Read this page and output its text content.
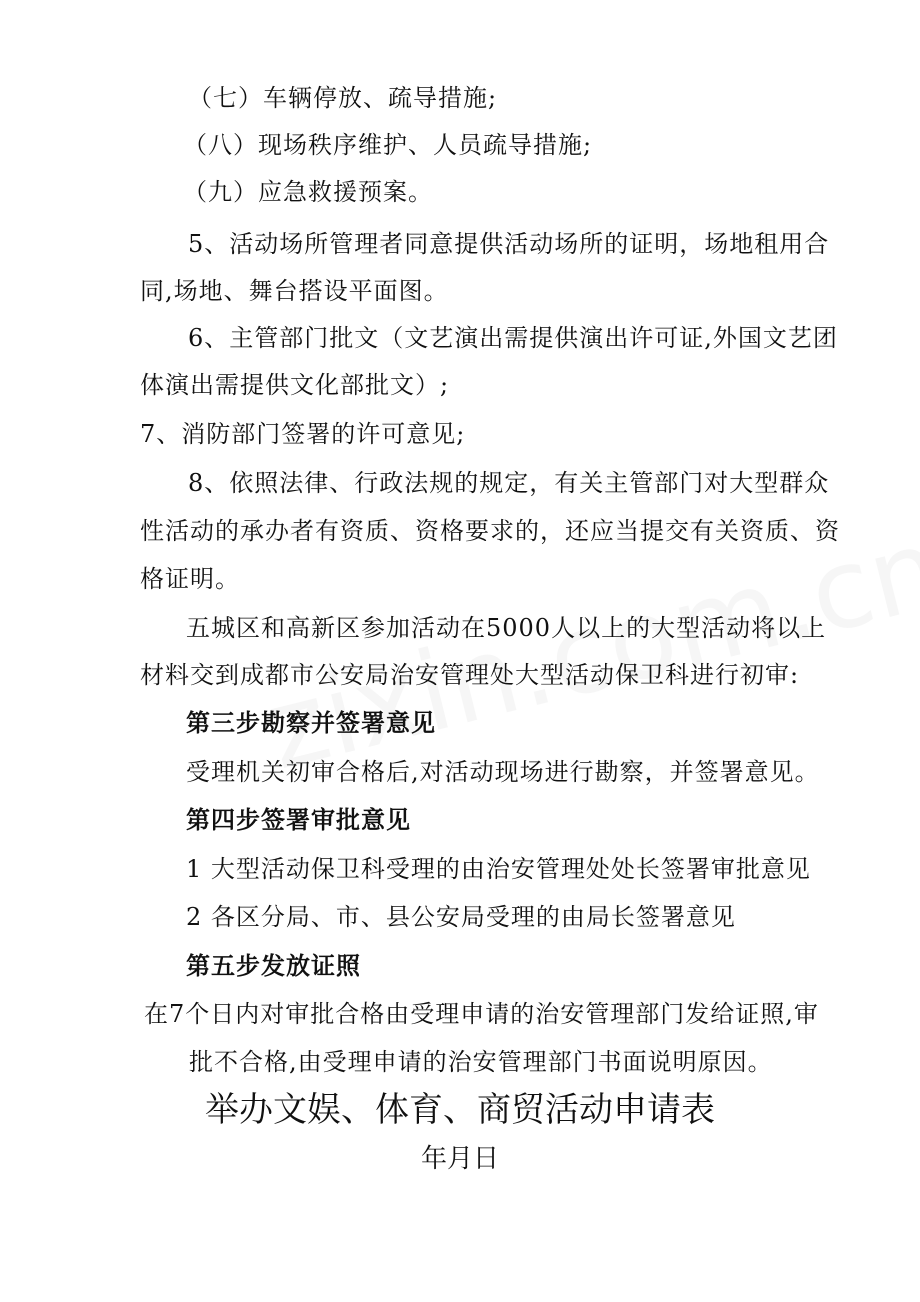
（七）车辆停放、疏导措施;
（八）现场秩序维护、人员疏导措施;
（九）应急救援预案。
5、活动场所管理者同意提供活动场所的证明，场地租用合
同,场地、舞台搭设平面图。
6、主管部门批文（文艺演出需提供演出许可证,外国文艺团
体演出需提供文化部批文）;
7、消防部门签署的许可意见;
8、依照法律、行政法规的规定，有关主管部门对大型群众
性活动的承办者有资质、资格要求的，还应当提交有关资质、资
格证明。
五城区和高新区参加活动在5000人以上的大型活动将以上
材料交到成都市公安局治安管理处大型活动保卫科进行初审:
第三步勘察并签署意见
受理机关初审合格后,对活动现场进行勘察，并签署意见。
第四步签署审批意见
1 大型活动保卫科受理的由治安管理处处长签署审批意见
2 各区分局、市、县公安局受理的由局长签署意见
第五步发放证照
在7个日内对审批合格由受理申请的治安管理部门发给证照,审
批不合格,由受理申请的治安管理部门书面说明原因。
举办文娱、体育、商贸活动申请表
年月日
